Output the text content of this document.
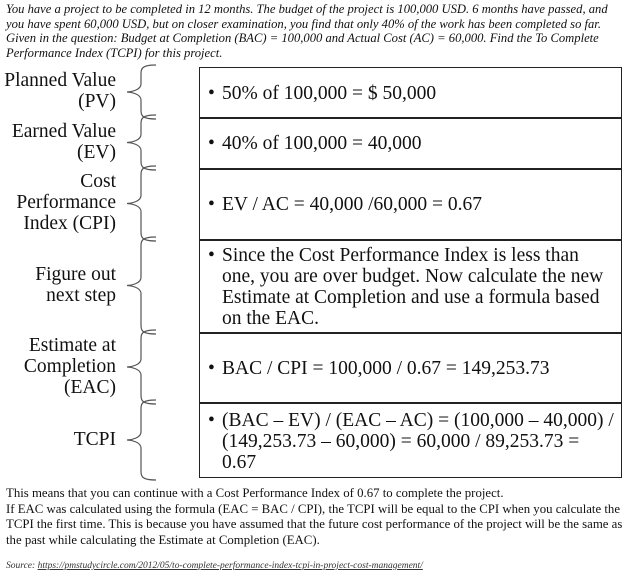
You have a project to be completed in 12 months. The budget of the project is 100,000 USD. 6 months have passed, and you have spent 60,000 USD, but on closer examination, you find that only 40% of the work has been completed so far. Given in the question: Budget at Completion (BAC) = 100,000 and Actual Cost (AC) = 60,000. Find the To Complete Performance Index (TCPI) for this project.
Planned Value
(PV)
Earned Value
(EV)
Cost
Performance
Index (CPI)
Figure out
next step
Estimate at
Completion
(EAC)
TCPI
• 50% of 100,000 = $ 50,000
• 40% of 100,000 = 40,000
• EV / AC = 40,000 /60,000 = 0.67
• Since the Cost Performance Index is less than one, you are over budget. Now calculate the new Estimate at Completion and use a formula based on the EAC.
• BAC / CPI = 100,000 / 0.67 = 149,253.73
• (BAC – EV) / (EAC – AC) = (100,000 – 40,000) / (149,253.73 – 60,000) = 60,000 / 89,253.73 = 0.67
This means that you can continue with a Cost Performance Index of 0.67 to complete the project.
If EAC was calculated using the formula (EAC = BAC / CPI), the TCPI will be equal to the CPI when you calculate the TCPI the first time. This is because you have assumed that the future cost performance of the project will be the same as the past while calculating the Estimate at Completion (EAC).
Source: https://pmstudycircle.com/2012/05/to-complete-performance-index-tcpi-in-project-cost-management/
